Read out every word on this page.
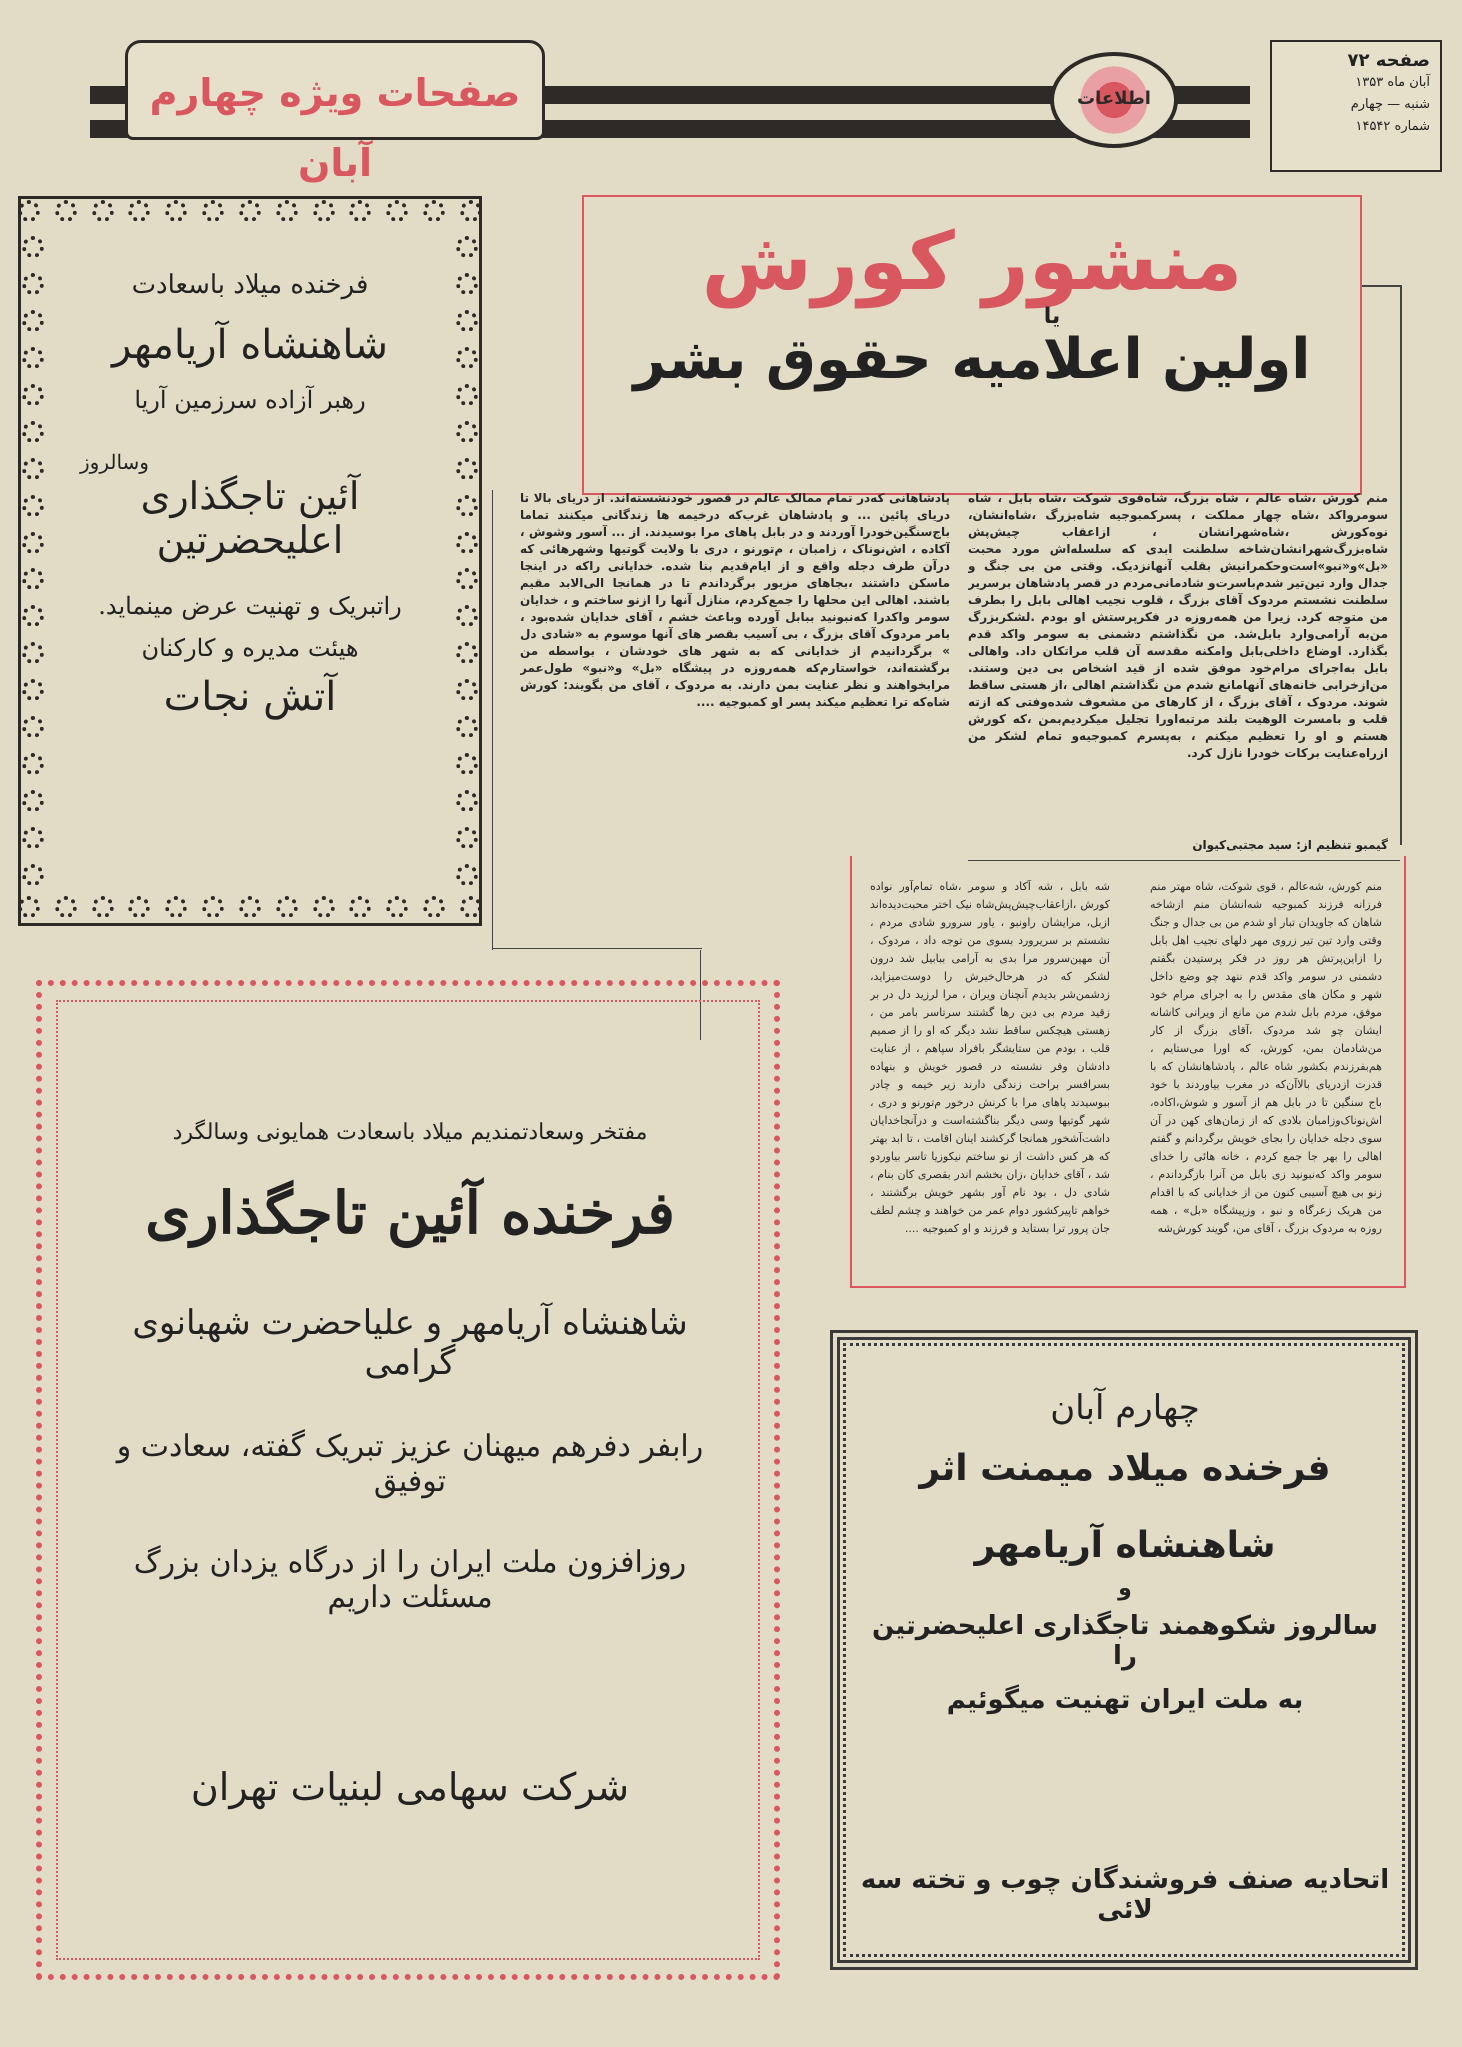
صفحات ویژه چهارم آبان
اطلاعات
صفحه ۷۲
آبان ماه ۱۳۵۳
شنبه — چهارم
شماره ۱۴۵۴۲
منشور کورش
یا
اولین اعلامیه حقوق بشر
منم کورش ،شاه عالم ، شاه بزرگ، شاه‌قوی شوکت ،شاه بابل ، شاه سومرواکد ،شاه چهار مملکت ، پسرکمبوجیه شاه‌بزرگ ،شاه‌انشان، نوه‌کورش ،شاه‌شهرانشان ، ازاعقاب چیش‌پش شاه‌بزرگ‌شهرانشان‌شاخه سلطنت ابدی که سلسله‌اش مورد محبت «بل»و«نبو»است‌وحکمرانیش بقلب آنهانزدیک. وقتی من بی جنگ و جدال وارد تین‌تیر شدم‌باسرت‌و شادمانی‌مردم در قصر پادشاهان برسریر سلطنت نشستم مردوک آقای بزرگ ، قلوب نجیب اهالی بابل را بطرف من متوجه کرد. زیرا من همه‌روزه در فکرپرستش او بودم .لشکربزرگ من‌به آرامی‌وارد بابل‌شد. من نگذاشتم دشمنی به سومر واکد قدم بگذارد. اوضاع داخلی‌بابل وامکنه مقدسه آن قلب مراتکان داد. واهالی بابل به‌اجرای مرام‌خود موفق شده از قید اشخاص بی دین وستند. من‌ازخرابی خانه‌های آنهامانع شدم من نگذاشتم اهالی ،از هستی ساقط شوند. مردوک ، آقای بزرگ ، از کارهای من مشعوف شده‌وفتی که ازته قلب و بامسرت الوهیت بلند مرتبه‌اورا تجلیل میکردیم‌بمن ،که کورش هستم و او را تعظیم میکنم ، به‌پسرم کمبوجیه‌و تمام لشکر من ازراه‌عنایت برکات خودرا نازل کرد.
پادشاهانی که‌در تمام ممالک عالم در قصور خودنشسته‌اند. از دریای بالا تا دریای پائین ... و پادشاهان غرب‌که درخیمه ها زندگانی میکنند تماما باج‌سنگین‌خودرا آوردند و در بابل پاهای مرا بوسیدند. از ... آسور وشوش ، آکاده ، اش‌نوناک ، زامبان ، م‌تورنو ، دری با ولایت گوتیها وشهرهائی که درآن طرف دجله واقع و از ایام‌قدیم بنا شده. خدایانی راکه در اینجا ماسکن داشتند ،بجاهای مزبور برگرداندم تا در همانجا الی‌الابد مقیم باشند. اهالی این محلها را جمع‌کردم، منازل آنها را ازنو ساختم و ، خدایان سومر واکدرا که‌نبونید ببابل آورده وباعث خشم ، آقای خدایان شده‌بود ، بامر مردوک آقای بزرگ ، بی آسیب بقصر های آنها موسوم به «شادی دل » برگردانیدم از خدایانی که به شهر های خودشان ، بواسطه من برگشته‌اند، خواستارم‌که همه‌روزه در پیشگاه «بل» و«نبو» طول‌عمر مرابخواهند و نظر عنایت بمن دارند. به مردوک ، آقای من بگویند: کورش شاه‌که ترا تعظیم میکند پسر او کمبوجیه ....
گیمبو تنظیم از: سید مجتبی‌کیوان
منم کورش، شه‌عالم ، قوی شوکت، شاه مهتر منم فرزانه فرزند کمبوجیه شه‌انشان منم ازشاخه شاهان که جاویدان تبار او شدم من بی جدال و جنگ وقتی وارد تین تیر زروی مهر دلهای نجیب اهل بابل را ازاین‌پرتش هر روز در فکر پرستیدن بگفتم دشمنی در سومر واکد قدم ننهد چو وضع داخل شهر و مکان های مقدس را به اجرای مرام خود موفق، مردم بابل شدم من مانع از ویرانی کاشانه ایشان چو شد مردوک ،آقای بزرگ از کار من‌شادمان بمن، کورش، که اورا می‌ستایم ، هم‌بفرزندم بکشور شاه عالم ، پادشاهانشان که با قدرت ازدریای بالاآن‌که در مغرب بیاوردند با خود باج سنگین تا در بابل هم از آسور و شوش،اکاده، اش‌نوناک‌وزامبان بلادی که از زمان‌های کهن در آن سوی دجله خدایان را بجای خویش برگردانم و گفتم اهالی را بهر جا جمع کردم ، خانه هائی را خدای سومر واکد که‌نبونید زی بابل من آنرا بازگرداندم ، زنو بی هیچ آسیبی کنون من از خدایانی که با اقدام من هریک زعرگاه و نبو ، وزپیشگاه «بل» ، همه روزه به مردوک بزرگ ، آقای من، گویند کورش‌شه
شه بابل ، شه آکاد و سومر ،شاه تمام‌آور نواده کورش ،ازاعقاب‌چیش‌پش‌شاه نیک اختر محبت‌دیده‌اند ازبل، مرایشان راونبو ، یاور سرورو شادی مردم ، نشستم بر سریرورد بسوی من توجه داد ، مردوک ، آن مهین‌سرور مرا بدی به آرامی ببابیل شد درون لشکر که در هرحال‌خیرش را دوست‌میزاید، زدشمن‌شر بدیدم آنچنان ویران ، مرا لرزید دل در بر زقید مردم بی دین رها گشتند سرتاسر بامر من ، زهستی هیچکس ساقط نشد دیگر که او را از صمیم قلب ، بودم من ستایشگر بافراد سپاهم ، از عنایت دادشان وفر نشسته در قصور خویش و بنهاده بسرافسر براحت زندگی دارند زیر خیمه و چادر ببوسیدند پاهای مرا با کرنش درخور م‌تورنو و دری ، شهر گوتیها وسی دیگر بناگشته‌است و درآنجاخدایان داشت‌آشخور همانجا گرکشند اینان اقامت ، تا ابد بهتر که هر کس داشت از نو ساختم نیکوزیا تاسر بیاوردو شد ، آقای خدایان ،زان بخشم اندر بقصری کان بنام ، شادی دل ، بود نام آور بشهر خویش برگشتند ، خواهم تاپیرکشور دوام عمر من خواهند و چشم لطف جان پرور ترا بستاید و فرزند و او کمبوجیه ....
فرخنده میلاد باسعادت
شاهنشاه آریامهر
رهبر آزاده سرزمین آریا
وسالروز
آئین تاجگذاری اعلیحضرتین
راتبریک و تهنیت عرض مینماید.
هیئت مدیره و کارکنان
آتش نجات
مفتخر وسعادتمندیم میلاد باسعادت همایونی وسالگرد
فرخنده آئین تاجگذاری
شاهنشاه آریامهر و علیاحضرت شهبانوی گرامی
رابفر دفرهم میهنان عزیز تبریک گفته، سعادت و توفیق
روزافزون ملت ایران را از درگاه یزدان بزرگ مسئلت داریم
شرکت سهامی لبنیات تهران
چهارم آبان
فرخنده میلاد میمنت اثر
شاهنشاه آریامهر
و
سالروز شکوهمند تاجگذاری اعلیحضرتین را
به ملت ایران تهنیت میگوئیم
اتحادیه صنف فروشندگان چوب و تخته سه لائی
